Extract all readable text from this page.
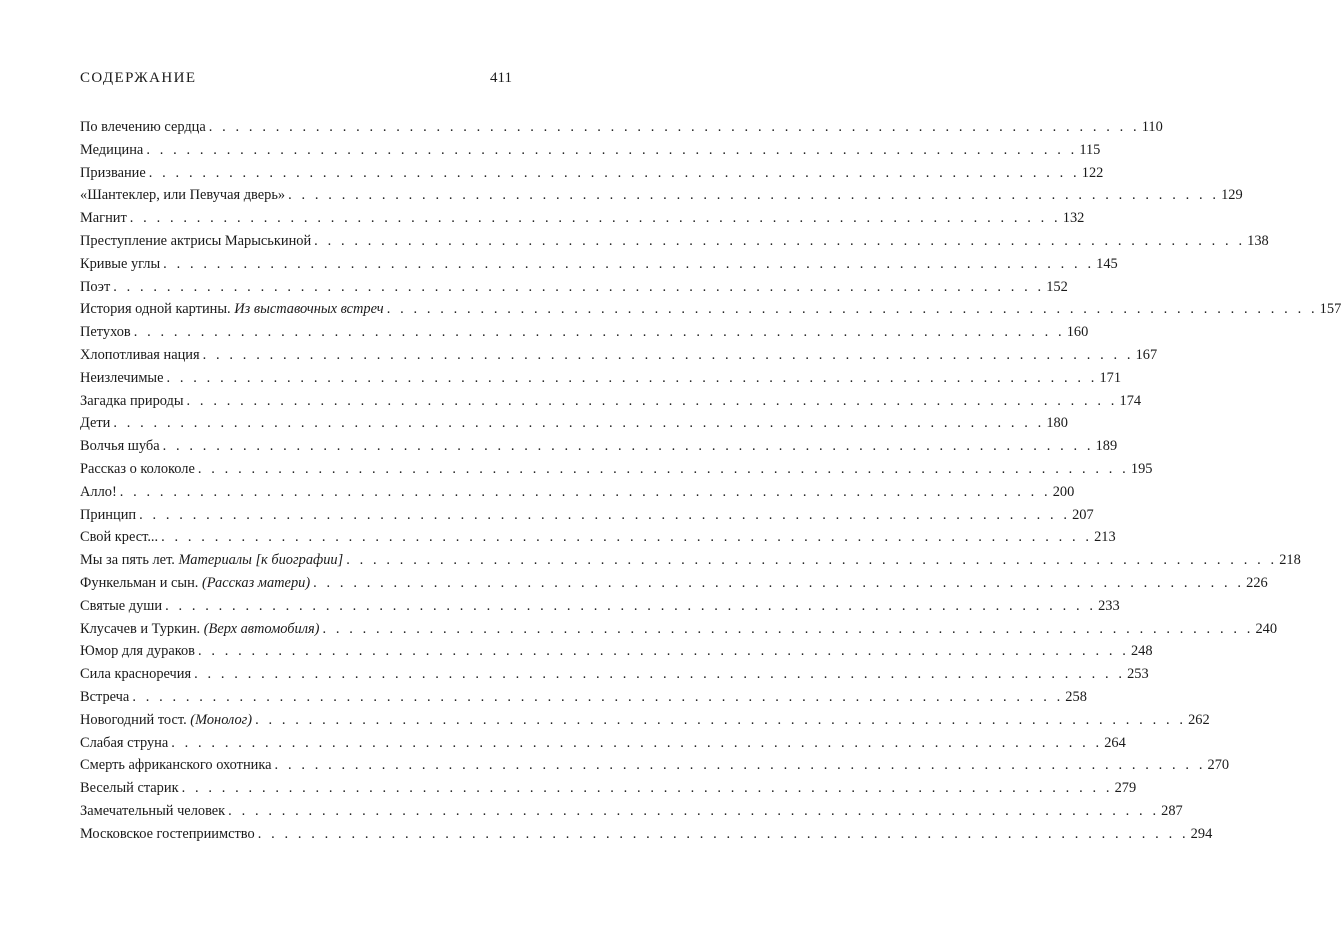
СОДЕРЖАНИЕ	411
По влечению сердца . . .	110
Медицина . . .	115
Призвание . . .	122
«Шантеклер, или Певучая дверь» . . .	129
Магнит . . .	132
Преступление актрисы Марыськиной . . .	138
Кривые углы . . .	145
Поэт . . .	152
История одной картины. Из выставочных встреч . . .	157
Петухов . . .	160
Хлопотливая нация . . .	167
Неизлечимые . . .	171
Загадка природы . . .	174
Дети . . .	180
Волчья шуба . . .	189
Рассказ о колоколе . . .	195
Алло! . . .	200
Принцип . . .	207
Свой крест... . . .	213
Мы за пять лет. Материалы [к биографии] . . .	218
Функельман и сын. (Рассказ матери) . . .	226
Святые души . . .	233
Клусачев и Туркин. (Верх автомобиля) . . .	240
Юмор для дураков . . .	248
Сила красноречия . . .	253
Встреча . . .	258
Новогодний тост. (Монолог) . . .	262
Слабая струна . . .	264
Смерть африканского охотника . . .	270
Веселый старик . . .	279
Замечательный человек . . .	287
Московское гостеприимство . . .	294
